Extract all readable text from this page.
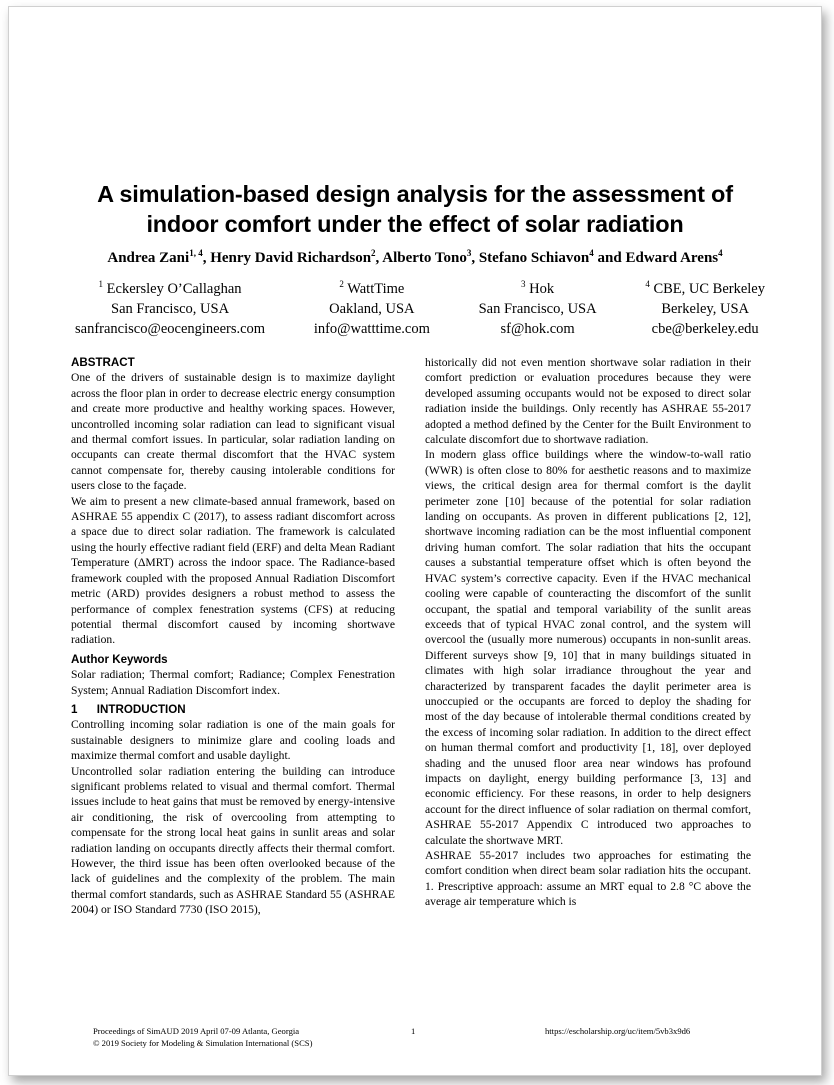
A simulation-based design analysis for the assessment of
indoor comfort under the effect of solar radiation
Andrea Zani$^{1, 4}$, Henry David Richardson$^2$, Alberto Tono$^3$, Stefano Schiavon$^4$ and Edward Arens$^4$
$^1$ Eckersley O’Callaghan
San Francisco, USA
sanfrancisco@eocengineers.com
$^2$ WattTime
Oakland, USA
info@watttime.com
$^3$ Hok
San Francisco, USA
sf@hok.com
$^4$ CBE, UC Berkeley
Berkeley, USA
cbe@berkeley.edu

ABSTRACT

One of the drivers of sustainable design is to maximize daylight across the floor plan in order to decrease electric energy consumption and create more productive and healthy working spaces. However, uncontrolled incoming solar radiation can lead to significant visual and thermal comfort issues. In particular, solar radiation landing on occupants can create thermal discomfort that the HVAC system cannot compensate for, thereby causing intolerable conditions for users close to the façade.

We aim to present a new climate-based annual framework, based on ASHRAE 55 appendix C (2017), to assess radiant discomfort across a space due to direct solar radiation. The framework is calculated using the hourly effective radiant field (ERF) and delta Mean Radiant Temperature (ΔMRT) across the indoor space. The Radiance-based framework coupled with the proposed Annual Radiation Discomfort metric (ARD) provides designers a robust method to assess the performance of complex fenestration systems (CFS) at reducing potential thermal discomfort caused by incoming shortwave radiation.

Author Keywords

Solar radiation; Thermal comfort; Radiance; Complex Fenestration System; Annual Radiation Discomfort index.

1      INTRODUCTION

Controlling incoming solar radiation is one of the main goals for sustainable designers to minimize glare and cooling loads and maximize thermal comfort and usable daylight.

Uncontrolled solar radiation entering the building can introduce significant problems related to visual and thermal comfort. Thermal issues include to heat gains that must be removed by energy-intensive air conditioning, the risk of overcooling from attempting to compensate for the strong local heat gains in sunlit areas and solar radiation landing on occupants directly affects their thermal comfort. However, the third issue has been often overlooked because of the lack of guidelines and the complexity of the problem. The main thermal comfort standards, such as ASHRAE Standard 55 (ASHRAE 2004) or ISO Standard 7730 (ISO 2015),

historically did not even mention shortwave solar radiation in their comfort prediction or evaluation procedures because they were developed assuming occupants would not be exposed to direct solar radiation inside the buildings. Only recently has ASHRAE 55-2017 adopted a method defined by the Center for the Built Environment to calculate discomfort due to shortwave radiation.

In modern glass office buildings where the window-to-wall ratio (WWR) is often close to 80% for aesthetic reasons and to maximize views, the critical design area for thermal comfort is the daylit perimeter zone [10] because of the potential for solar radiation landing on occupants. As proven in different publications [2, 12], shortwave incoming radiation can be the most influential component driving human comfort. The solar radiation that hits the occupant causes a substantial temperature offset which is often beyond the HVAC system’s corrective capacity. Even if the HVAC mechanical cooling were capable of counteracting the discomfort of the sunlit occupant, the spatial and temporal variability of the sunlit areas exceeds that of typical HVAC zonal control, and the system will overcool the (usually more numerous) occupants in non-sunlit areas. Different surveys show [9, 10] that in many buildings situated in climates with high solar irradiance throughout the year and characterized by transparent facades the daylit perimeter area is unoccupied or the occupants are forced to deploy the shading for most of the day because of intolerable thermal conditions created by the excess of incoming solar radiation. In addition to the direct effect on human thermal comfort and productivity [1, 18], over deployed shading and the unused floor area near windows has profound impacts on daylight, energy building performance [3, 13] and economic efficiency. For these reasons, in order to help designers account for the direct influence of solar radiation on thermal comfort, ASHRAE 55-2017 Appendix C introduced two approaches to calculate the shortwave MRT.

ASHRAE 55-2017 includes two approaches for estimating the comfort condition when direct beam solar radiation hits the occupant. 1. Prescriptive approach: assume an MRT equal to 2.8 °C above the average air temperature which is

Proceedings of SimAUD 2019 April 07-09 Atlanta, Georgia
© 2019 Society for Modeling & Simulation International (SCS)
1	https://escholarship.org/uc/item/5vb3x9d6
